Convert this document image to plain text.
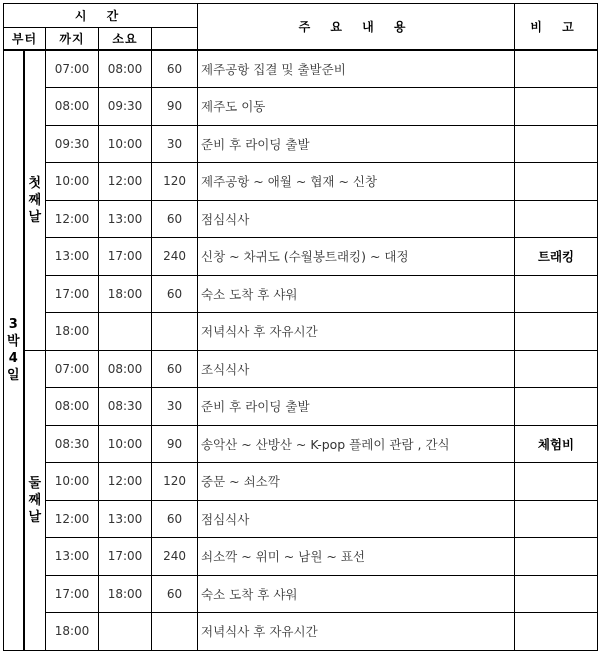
시 간					주 요 내 용	비 고
부터		까지	소요			

3
박
4
일	첫
째
날	07:00	08:00	60	제주공항 집결 및 출발준비	
		08:00	09:30	90	제주도 이동	
		09:30	10:00	30	준비 후 라이딩 출발	
		10:00	12:00	120	제주공항 ~ 애월 ~ 협재 ~ 신창	
		12:00	13:00	60	점심식사	
		13:00	17:00	240	신창 ~ 차귀도 (수월봉트래킹) ~ 대정	트래킹
		17:00	18:00	60	숙소 도착 후 샤워	
		18:00			저녁식사 후 자유시간	

	둘
째
날	07:00	08:00	60	조식식사	
		08:00	08:30	30	준비 후 라이딩 출발	
		08:30	10:00	90	송악산 ~ 산방산 ~ K-pop 플레이 관람 , 간식	체험비
		10:00	12:00	120	중문 ~ 쇠소깍	
		12:00	13:00	60	점심식사	
		13:00	17:00	240	쇠소깍 ~ 위미 ~ 남원 ~ 표선	
		17:00	18:00	60	숙소 도착 후 샤워	
		18:00			저녁식사 후 자유시간	
